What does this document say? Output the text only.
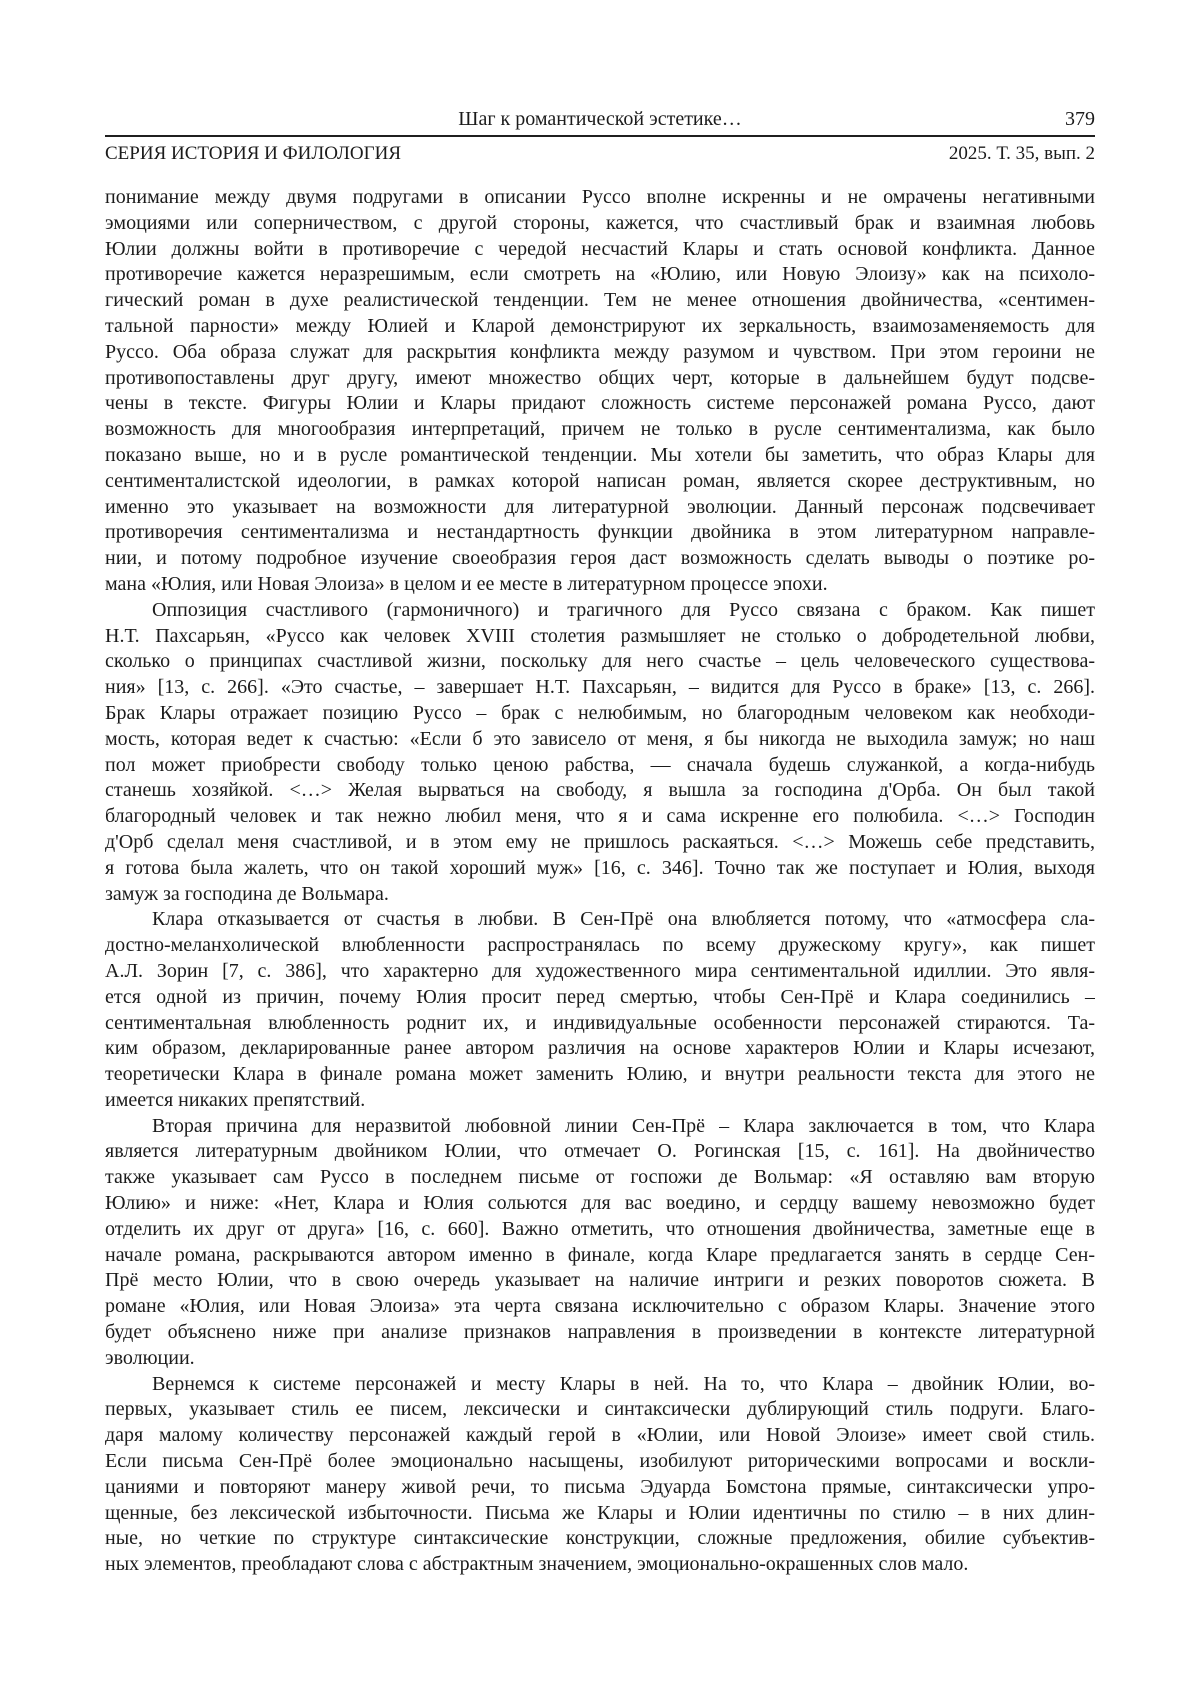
Шаг к романтической эстетике…	379
СЕРИЯ ИСТОРИЯ И ФИЛОЛОГИЯ	2025. Т. 35, вып. 2
понимание между двумя подругами в описании Руссо вполне искренны и не омрачены негативными
эмоциями или соперничеством, с другой стороны, кажется, что счастливый брак и взаимная любовь
Юлии должны войти в противоречие с чередой несчастий Клары и стать основой конфликта. Данное
противоречие кажется неразрешимым, если смотреть на «Юлию, или Новую Элоизу» как на психоло-
гический роман в духе реалистической тенденции. Тем не менее отношения двойничества, «сентимен-
тальной парности» между Юлией и Кларой демонстрируют их зеркальность, взаимозаменяемость для
Руссо. Оба образа служат для раскрытия конфликта между разумом и чувством. При этом героини не
противопоставлены друг другу, имеют множество общих черт, которые в дальнейшем будут подсве-
чены в тексте. Фигуры Юлии и Клары придают сложность системе персонажей романа Руссо, дают
возможность для многообразия интерпретаций, причем не только в русле сентиментализма, как было
показано выше, но и в русле романтической тенденции. Мы хотели бы заметить, что образ Клары для
сентименталистской идеологии, в рамках которой написан роман, является скорее деструктивным, но
именно это указывает на возможности для литературной эволюции. Данный персонаж подсвечивает
противоречия сентиментализма и нестандартность функции двойника в этом литературном направле-
нии, и потому подробное изучение своеобразия героя даст возможность сделать выводы о поэтике ро-
мана «Юлия, или Новая Элоиза» в целом и ее месте в литературном процессе эпохи.
Оппозиция счастливого (гармоничного) и трагичного для Руссо связана с браком. Как пишет
Н.Т. Пахсарьян, «Руссо как человек XVIII столетия размышляет не столько о добродетельной любви,
сколько о принципах счастливой жизни, поскольку для него счастье – цель человеческого существова-
ния» [13, с. 266]. «Это счастье, – завершает Н.Т. Пахсарьян, – видится для Руссо в браке» [13, с. 266].
Брак Клары отражает позицию Руссо – брак с нелюбимым, но благородным человеком как необходи-
мость, которая ведет к счастью: «Если б это зависело от меня, я бы никогда не выходила замуж; но наш
пол может приобрести свободу только ценою рабства, — сначала будешь служанкой, а когда-нибудь
станешь хозяйкой. <…> Желая вырваться на свободу, я вышла за господина д'Орба. Он был такой
благородный человек и так нежно любил меня, что я и сама искренне его полюбила. <…> Господин
д'Орб сделал меня счастливой, и в этом ему не пришлось раскаяться. <…> Можешь себе представить,
я готова была жалеть, что он такой хороший муж» [16, с. 346]. Точно так же поступает и Юлия, выходя
замуж за господина де Вольмара.
Клара отказывается от счастья в любви. В Сен-Прё она влюбляется потому, что «атмосфера сла-
достно-меланхолической влюбленности распространялась по всему дружескому кругу», как пишет
А.Л. Зорин [7, с. 386], что характерно для художественного мира сентиментальной идиллии. Это явля-
ется одной из причин, почему Юлия просит перед смертью, чтобы Сен-Прё и Клара соединились –
сентиментальная влюбленность роднит их, и индивидуальные особенности персонажей стираются. Та-
ким образом, декларированные ранее автором различия на основе характеров Юлии и Клары исчезают,
теоретически Клара в финале романа может заменить Юлию, и внутри реальности текста для этого не
имеется никаких препятствий.
Вторая причина для неразвитой любовной линии Сен-Прё – Клара заключается в том, что Клара
является литературным двойником Юлии, что отмечает О. Рогинская [15, с. 161]. На двойничество
также указывает сам Руссо в последнем письме от госпожи де Вольмар: «Я оставляю вам вторую
Юлию» и ниже: «Нет, Клара и Юлия сольются для вас воедино, и сердцу вашему невозможно будет
отделить их друг от друга» [16, с. 660]. Важно отметить, что отношения двойничества, заметные еще в
начале романа, раскрываются автором именно в финале, когда Кларе предлагается занять в сердце Сен-
Прё место Юлии, что в свою очередь указывает на наличие интриги и резких поворотов сюжета. В
романе «Юлия, или Новая Элоиза» эта черта связана исключительно с образом Клары. Значение этого
будет объяснено ниже при анализе признаков направления в произведении в контексте литературной
эволюции.
Вернемся к системе персонажей и месту Клары в ней. На то, что Клара – двойник Юлии, во-
первых, указывает стиль ее писем, лексически и синтаксически дублирующий стиль подруги. Благо-
даря малому количеству персонажей каждый герой в «Юлии, или Новой Элоизе» имеет свой стиль.
Если письма Сен-Прё более эмоционально насыщены, изобилуют риторическими вопросами и воскли-
цаниями и повторяют манеру живой речи, то письма Эдуарда Бомстона прямые, синтаксически упро-
щенные, без лексической избыточности. Письма же Клары и Юлии идентичны по стилю – в них длин-
ные, но четкие по структуре синтаксические конструкции, сложные предложения, обилие субъектив-
ных элементов, преобладают слова с абстрактным значением, эмоционально-окрашенных слов мало.
